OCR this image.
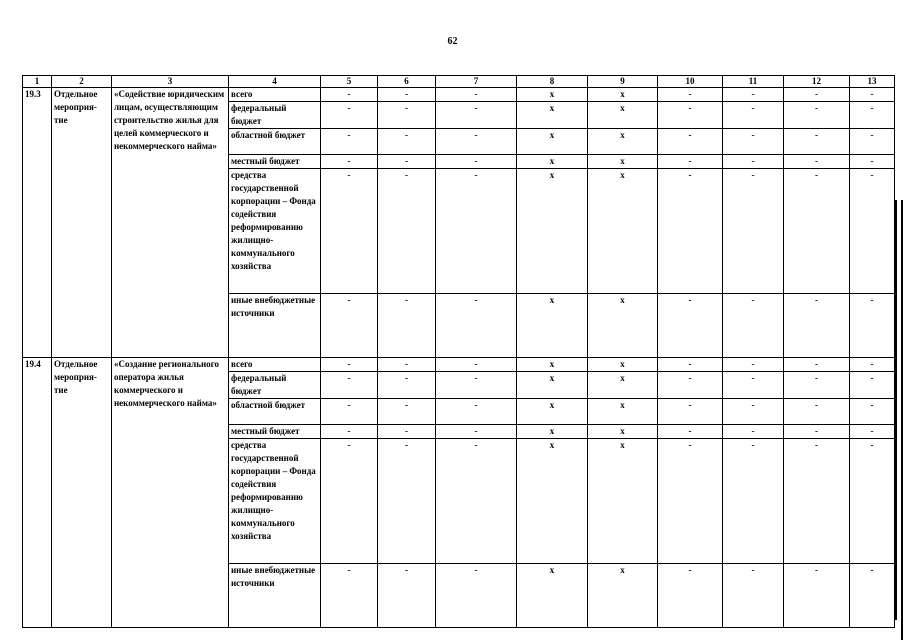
62
1	2	3	4	5	6	7	8	9	10	11	12	13
19.3	Отдельное мероприя-тие	«Содействие юридическим лицам, осуществляющим строительство жилья для целей коммерческого и некоммерческого найма»	всего	-	-	-	х	х	-	-	-	-
			федеральный бюджет	-	-	-	х	х	-	-	-	-
			областной бюджет	-	-	-	х	х	-	-	-	-
			местный бюджет	-	-	-	х	х	-	-	-	-
			средства государственной корпорации – Фонда содействия реформированию жилищно-коммунального хозяйства	-	-	-	х	х	-	-	-	-
			иные внебюджетные источники	-	-	-	х	х	-	-	-	-
19.4	Отдельное мероприя-тие	«Создание регионального оператора жилья коммерческого и некоммерческого найма»	всего	-	-	-	х	х	-	-	-	-
			федеральный бюджет	-	-	-	х	х	-	-	-	-
			областной бюджет	-	-	-	х	х	-	-	-	-
			местный бюджет	-	-	-	х	х	-	-	-	-
			средства государственной корпорации – Фонда содействия реформированию жилищно-коммунального хозяйства	-	-	-	х	х	-	-	-	-
			иные внебюджетные источники	-	-	-	х	х	-	-	-	-
